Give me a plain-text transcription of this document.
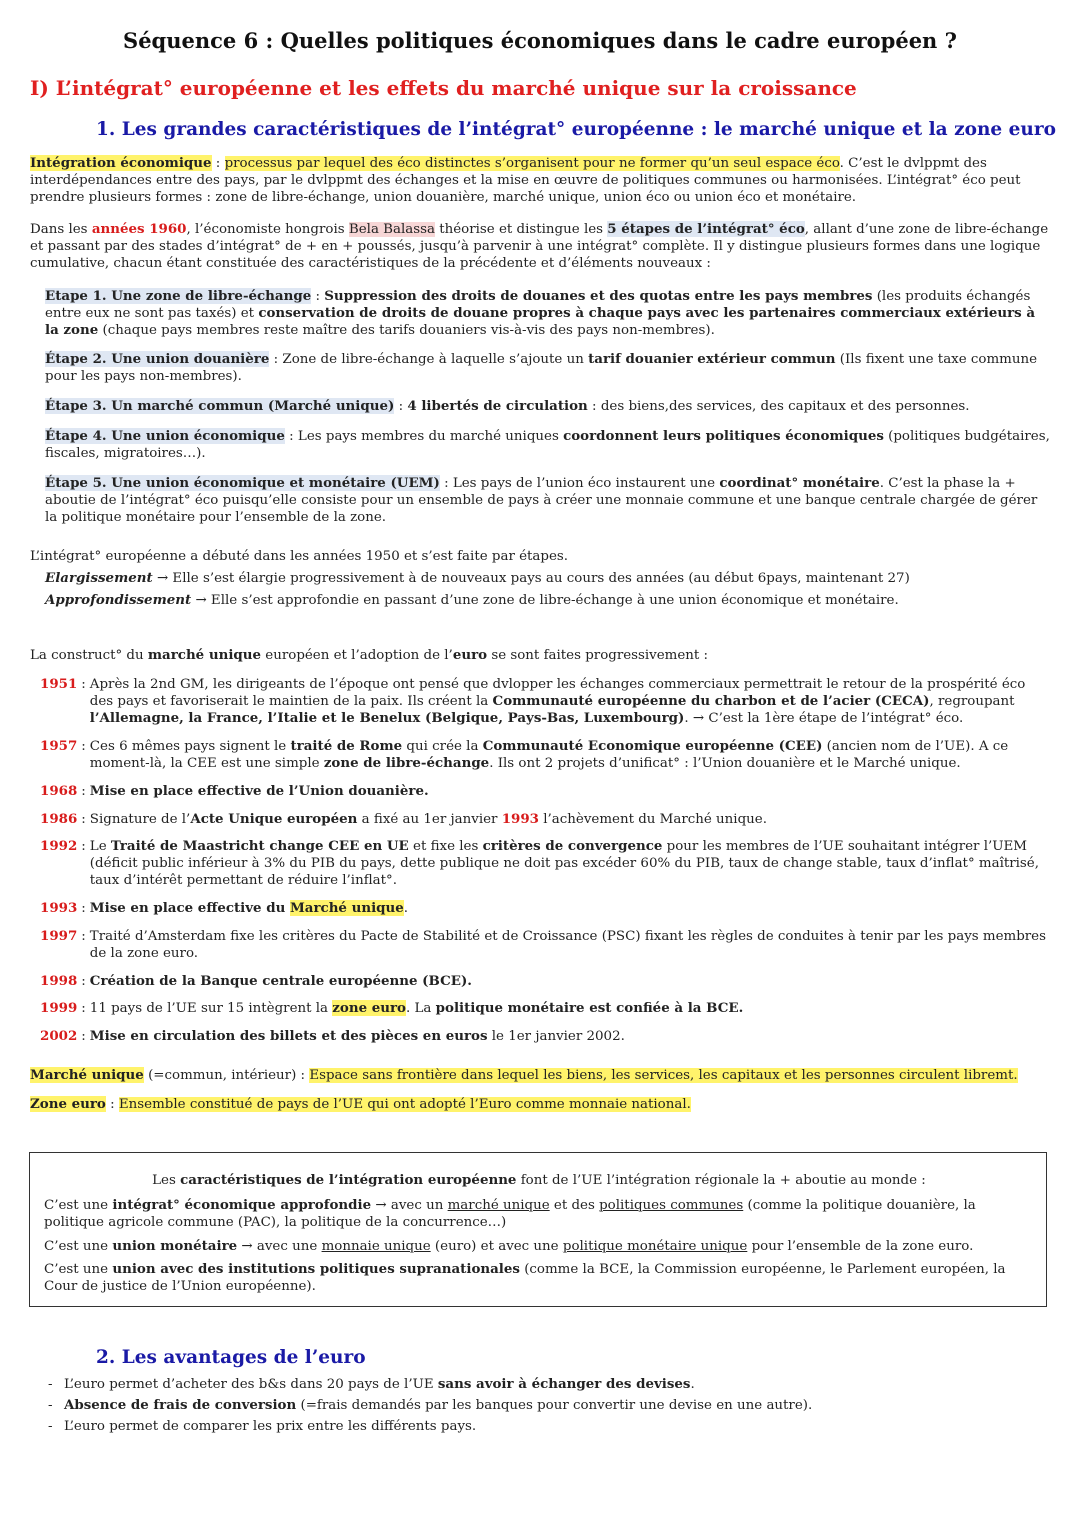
Séquence 6 : Quelles politiques économiques dans le cadre européen ?
I) L’intégrat° européenne et les effets du marché unique sur la croissance
1. Les grandes caractéristiques de l’intégrat° européenne : le marché unique et la zone euro

Intégration économique : processus par lequel des éco distinctes s’organisent pour ne former qu’un seul espace éco. C’est le dvlppmt des interdépendances entre des pays, par le dvlppmt des échanges et la mise en œuvre de politiques communes ou harmonisées. L’intégrat° éco peut prendre plusieurs formes : zone de libre-échange, union douanière, marché unique, union éco ou union éco et monétaire.

Dans les années 1960, l’économiste hongrois Bela Balassa théorise et distingue les 5 étapes de l’intégrat° éco, allant d’une zone de libre-échange et passant par des stades d’intégrat° de + en + poussés, jusqu’à parvenir à une intégrat° complète. Il y distingue plusieurs formes dans une logique cumulative, chacun étant constituée des caractéristiques de la précédente et d’éléments nouveaux :

Etape 1. Une zone de libre-échange : Suppression des droits de douanes et des quotas entre les pays membres (les produits échangés entre eux ne sont pas taxés) et conservation de droits de douane propres à chaque pays avec les partenaires commerciaux extérieurs à la zone (chaque pays membres reste maître des tarifs douaniers vis-à-vis des pays non-membres).
Étape 2. Une union douanière : Zone de libre-échange à laquelle s’ajoute un tarif douanier extérieur commun (Ils fixent une taxe commune pour les pays non-membres).
Étape 3. Un marché commun (Marché unique) : 4 libertés de circulation : des biens,des services, des capitaux et des personnes.
Étape 4. Une union économique : Les pays membres du marché uniques coordonnent leurs politiques économiques (politiques budgétaires, fiscales, migratoires…).
Étape 5. Une union économique et monétaire (UEM) : Les pays de l’union éco instaurent une coordinat° monétaire. C’est la phase la + aboutie de l’intégrat° éco puisqu’elle consiste pour un ensemble de pays à créer une monnaie commune et une banque centrale chargée de gérer la politique monétaire pour l’ensemble de la zone.
L’intégrat° européenne a débuté dans les années 1950 et s’est faite par étapes.
Elargissement → Elle s’est élargie progressivement à de nouveaux pays au cours des années (au début 6pays, maintenant 27)
Approfondissement → Elle s’est approfondie en passant d’une zone de libre-échange à une union économique et monétaire.
La construct° du marché unique européen et l’adoption de l’euro se sont faites progressivement :
1951 : Après la 2nd GM, les dirigeants de l’époque ont pensé que dvlopper les échanges commerciaux permettrait le retour de la prospérité éco des pays et favoriserait le maintien de la paix. Ils créent la Communauté européenne du charbon et de l’acier (CECA), regroupant l’Allemagne, la France, l’Italie et le Benelux (Belgique, Pays-Bas, Luxembourg). → C’est la 1ère étape de l’intégrat° éco.
1957 : Ces 6 mêmes pays signent le traité de Rome qui crée la Communauté Economique européenne (CEE) (ancien nom de l’UE). A ce moment-là, la CEE est une simple zone de libre-échange. Ils ont 2 projets d’unificat° : l’Union douanière et le Marché unique.
1968 : Mise en place effective de l’Union douanière.
1986 : Signature de l’Acte Unique européen a fixé au 1er janvier 1993 l’achèvement du Marché unique.
1992 : Le Traité de Maastricht change CEE en UE et fixe les critères de convergence pour les membres de l’UE souhaitant intégrer l’UEM (déficit public inférieur à 3% du PIB du pays, dette publique ne doit pas excéder 60% du PIB, taux de change stable, taux d’inflat° maîtrisé, taux d’intérêt permettant de réduire l’inflat°.
1993 : Mise en place effective du Marché unique.
1997 : Traité d’Amsterdam fixe les critères du Pacte de Stabilité et de Croissance (PSC) fixant les règles de conduites à tenir par les pays membres de la zone euro.
1998 : Création de la Banque centrale européenne (BCE).
1999 : 11 pays de l’UE sur 15 intègrent la zone euro. La politique monétaire est confiée à la BCE.
2002 : Mise en circulation des billets et des pièces en euros le 1er janvier 2002.
Marché unique (=commun, intérieur) : Espace sans frontière dans lequel les biens, les services, les capitaux et les personnes circulent libremt.
Zone euro : Ensemble constitué de pays de l’UE qui ont adopté l’Euro comme monnaie national.
Les caractéristiques de l’intégration européenne font de l’UE l’intégration régionale la + aboutie au monde :
C’est une intégrat° économique approfondie → avec un marché unique et des politiques communes (comme la politique douanière, la politique agricole commune (PAC), la politique de la concurrence…)
C’est une union monétaire → avec une monnaie unique (euro) et avec une politique monétaire unique pour l’ensemble de la zone euro.
C’est une union avec des institutions politiques supranationales (comme la BCE, la Commission européenne, le Parlement européen, la Cour de justice de l’Union européenne).
2. Les avantages de l’euro
- L’euro permet d’acheter des b&s dans 20 pays de l’UE sans avoir à échanger des devises.
- Absence de frais de conversion (=frais demandés par les banques pour convertir une devise en une autre).
- L’euro permet de comparer les prix entre les différents pays.
